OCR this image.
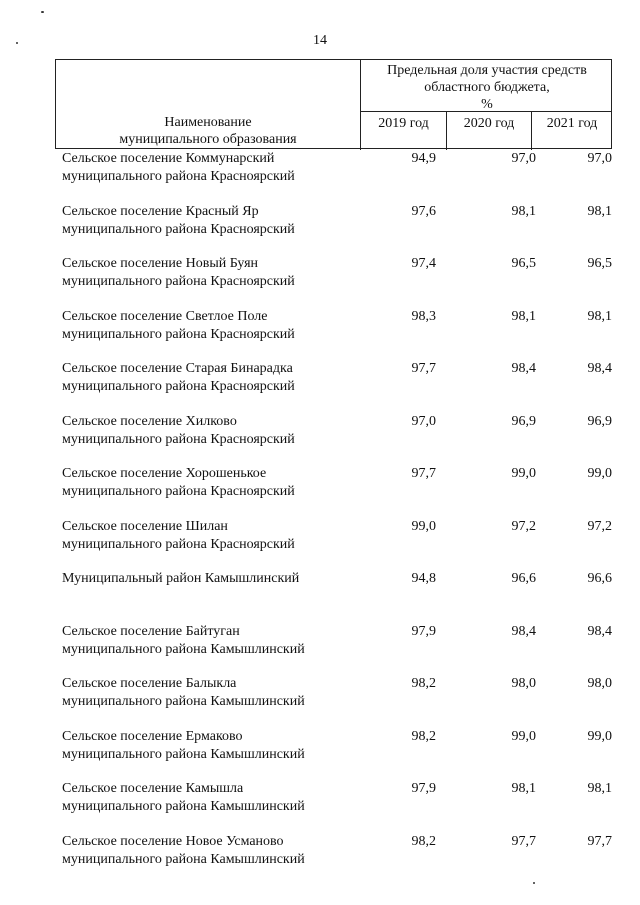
14
Наименование
муниципального образования
Предельная доля участия средств
областного бюджета,
%
2019 год	2020 год	2021 год
Сельское поселение Коммунарский
муниципального района Красноярский
94,9	97,0	97,0
Сельское поселение Красный Яр
муниципального района Красноярский
97,6	98,1	98,1
Сельское поселение Новый Буян
муниципального района Красноярский
97,4	96,5	96,5
Сельское поселение Светлое Поле
муниципального района Красноярский
98,3	98,1	98,1
Сельское поселение Старая Бинарадка
муниципального района Красноярский
97,7	98,4	98,4
Сельское поселение Хилково
муниципального района Красноярский
97,0	96,9	96,9
Сельское поселение Хорошенькое
муниципального района Красноярский
97,7	99,0	99,0
Сельское поселение Шилан
муниципального района Красноярский
99,0	97,2	97,2
Муниципальный район Камышлинский	94,8	96,6	96,6
Сельское поселение Байтуган
муниципального района Камышлинский
97,9	98,4	98,4
Сельское поселение Балыкла
муниципального района Камышлинский
98,2	98,0	98,0
Сельское поселение Ермаково
муниципального района Камышлинский
98,2	99,0	99,0
Сельское поселение Камышла
муниципального района Камышлинский
97,9	98,1	98,1
Сельское поселение Новое Усманово
муниципального района Камышлинский
98,2	97,7	97,7
